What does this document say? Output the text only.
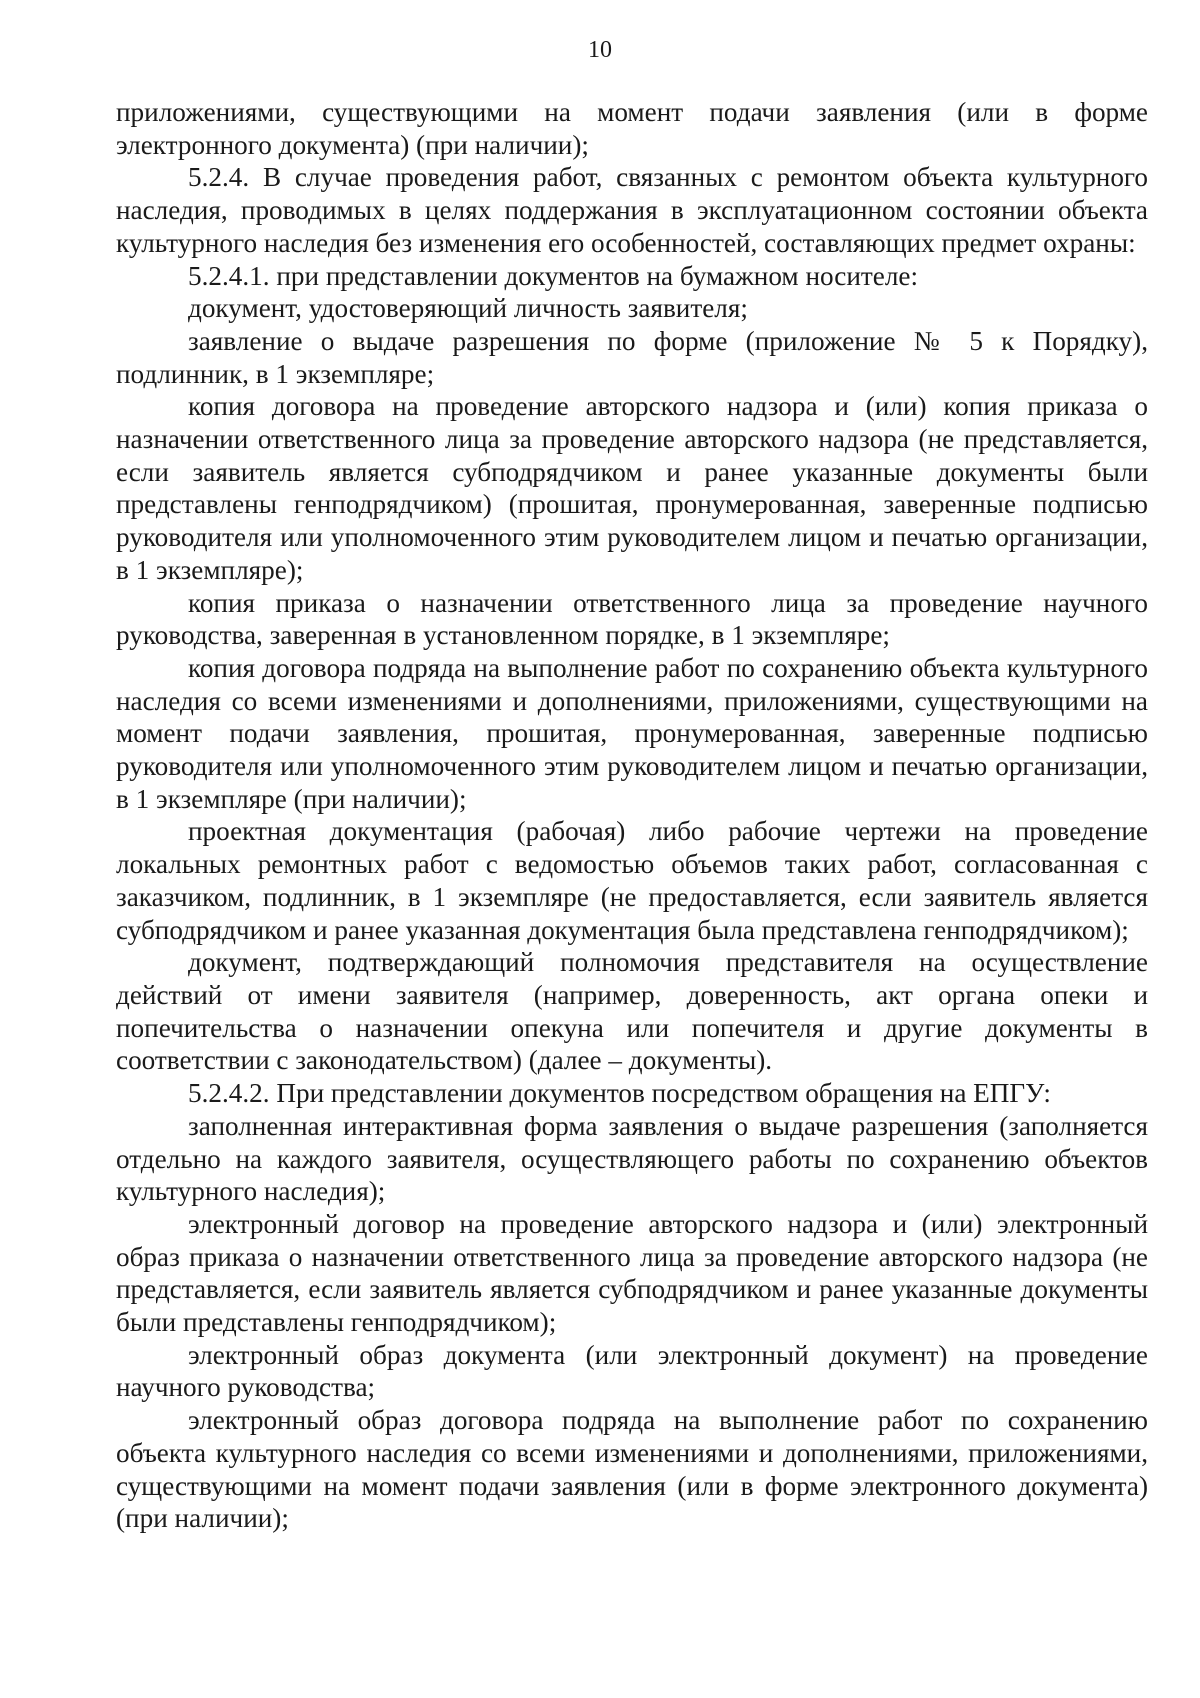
10

приложениями, существующими на момент подачи заявления (или в форме электронного документа) (при наличии);

5.2.4. В случае проведения работ, связанных с ремонтом объекта культурного наследия, проводимых в целях поддержания в эксплуатационном состоянии объекта культурного наследия без изменения его особенностей, составляющих предмет охраны:

5.2.4.1. при представлении документов на бумажном носителе:

документ, удостоверяющий личность заявителя;

заявление о выдаче разрешения по форме (приложение № 5 к Порядку), подлинник, в 1 экземпляре;

копия договора на проведение авторского надзора и (или) копия приказа о назначении ответственного лица за проведение авторского надзора (не представляется, если заявитель является субподрядчиком и ранее указанные документы были представлены генподрядчиком) (прошитая, пронумерованная, заверенные подписью руководителя или уполномоченного этим руководителем лицом и печатью организации, в 1 экземпляре);

копия приказа о назначении ответственного лица за проведение научного руководства, заверенная в установленном порядке, в 1 экземпляре;

копия договора подряда на выполнение работ по сохранению объекта культурного наследия со всеми изменениями и дополнениями, приложениями, существующими на момент подачи заявления, прошитая, пронумерованная, заверенные подписью руководителя или уполномоченного этим руководителем лицом и печатью организации, в 1 экземпляре (при наличии);

проектная документация (рабочая) либо рабочие чертежи на проведение локальных ремонтных работ с ведомостью объемов таких работ, согласованная с заказчиком, подлинник, в 1 экземпляре (не предоставляется, если заявитель является субподрядчиком и ранее указанная документация была представлена генподрядчиком);

документ, подтверждающий полномочия представителя на осуществление действий от имени заявителя (например, доверенность, акт органа опеки и попечительства о назначении опекуна или попечителя и другие документы в соответствии с законодательством) (далее – документы).

5.2.4.2. При представлении документов посредством обращения на ЕПГУ:

заполненная интерактивная форма заявления о выдаче разрешения (заполняется отдельно на каждого заявителя, осуществляющего работы по сохранению объектов культурного наследия);

электронный договор на проведение авторского надзора и (или) электронный образ приказа о назначении ответственного лица за проведение авторского надзора (не представляется, если заявитель является субподрядчиком и ранее указанные документы были представлены генподрядчиком);

электронный образ документа (или электронный документ) на проведение научного руководства;

электронный образ договора подряда на выполнение работ по сохранению объекта культурного наследия со всеми изменениями и дополнениями, приложениями, существующими на момент подачи заявления (или в форме электронного документа) (при наличии);
